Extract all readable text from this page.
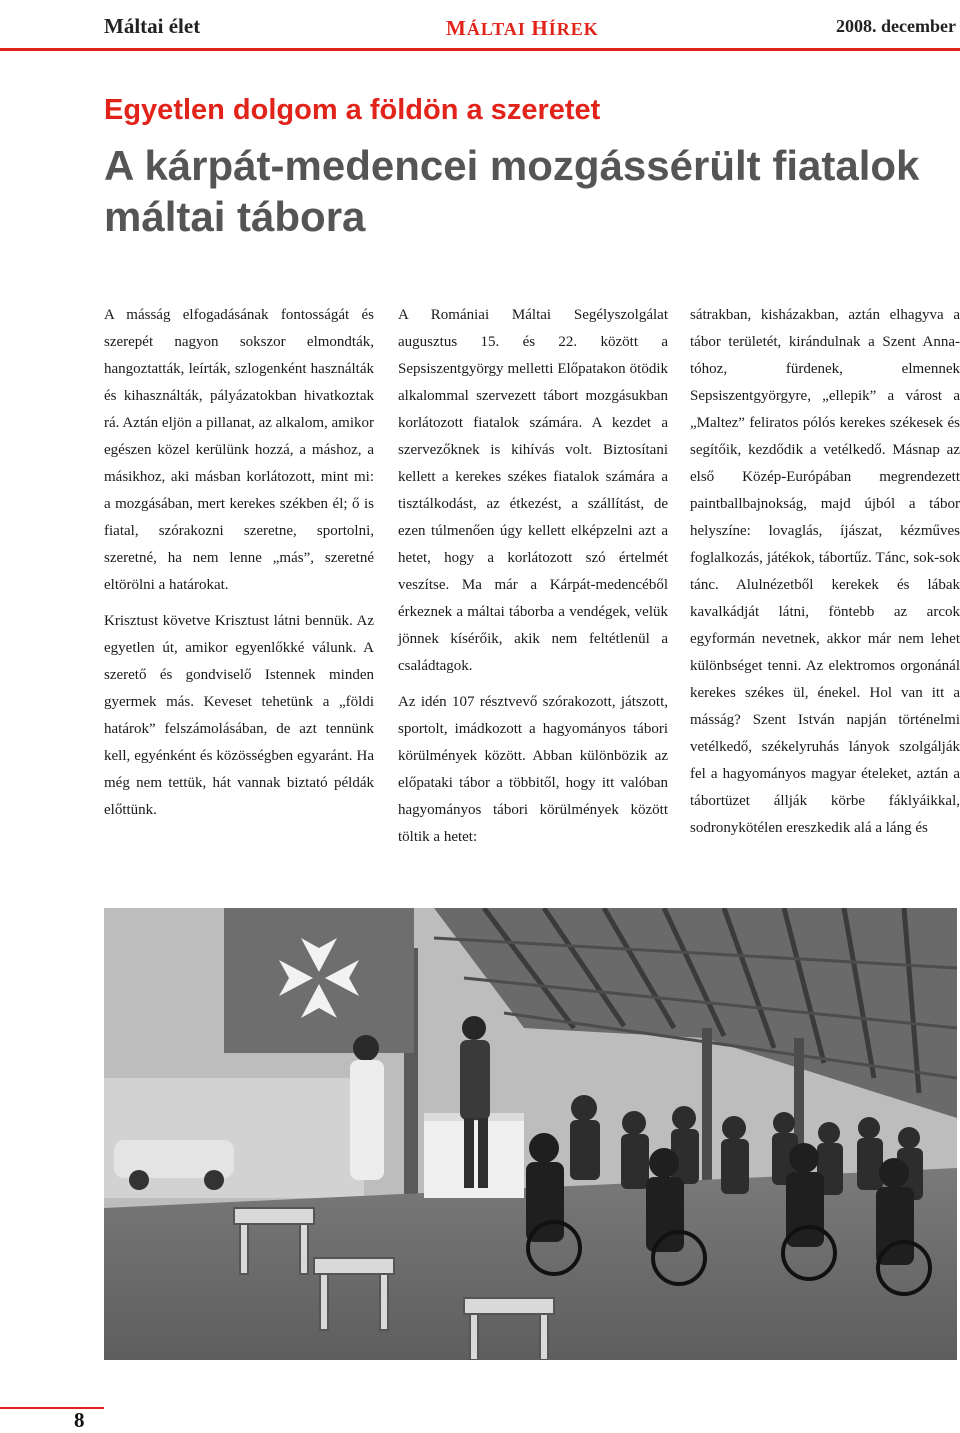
Máltai élet	MÁLTAI HÍREK	2008. december
Egyetlen dolgom a földön a szeretet
A kárpát-medencei mozgássérült fiatalok máltai tábora

A másság elfogadásának fontosságát és szerepét nagyon sokszor elmondták, hangoztatták, leírták, szlogenként használták és kihasználták, pályázatokban hivatkoztak rá. Aztán eljön a pillanat, az alkalom, amikor egészen közel kerülünk hozzá, a máshoz, a másikhoz, aki másban korlátozott, mint mi: a mozgásában, mert kerekes székben él; ő is fiatal, szórakozni szeretne, sportolni, szeretné, ha nem lenne „más”, szeretné eltörölni a határokat.

Krisztust követve Krisztust látni bennük. Az egyetlen út, amikor egyenlőkké válunk. A szerető és gondviselő Istennek minden gyermek más. Keveset tehetünk a „földi határok” felszámolásában, de azt tennünk kell, egyénként és közösségben egyaránt. Ha még nem tettük, hát vannak biztató példák előttünk.

A Romániai Máltai Segélyszolgálat augusztus 15. és 22. között a Sepsiszentgyörgy melletti Előpatakon ötödik alkalommal szervezett tábort mozgásukban korlátozott fiatalok számára. A kezdet a szervezőknek is kihívás volt. Biztosítani kellett a kerekes székes fiatalok számára a tisztálkodást, az étkezést, a szállítást, de ezen túlmenően úgy kellett elképzelni azt a hetet, hogy a korlátozott szó értelmét veszítse. Ma már a Kárpát-medencéből érkeznek a máltai táborba a vendégek, velük jönnek kísérőik, akik nem feltétlenül a családtagok.

Az idén 107 résztvevő szórakozott, játszott, sportolt, imádkozott a hagyományos tábori körülmények között. Abban különbözik az előpataki tábor a többitől, hogy itt valóban hagyományos tábori körülmények között töltik a hetet:

sátrakban, kisházakban, aztán elhagyva a tábor területét, kirándulnak a Szent Anna-tóhoz, fürdenek, elmennek Sepsiszentgyörgyre, „ellepik” a várost a „Maltez” feliratos pólós kerekes székesek és segítőik, kezdődik a vetélkedő. Másnap az első Közép-Európában megrendezett paintballbajnokság, majd újból a tábor helyszíne: lovaglás, íjászat, kézműves foglalkozás, játékok, tábortűz. Tánc, sok-sok tánc. Alulnézetből kerekek és lábak kavalkádját látni, föntebb az arcok egyformán nevetnek, akkor már nem lehet különbséget tenni. Az elektromos orgonánál kerekes székes ül, énekel. Hol van itt a másság? Szent István napján történelmi vetélkedő, székelyruhás lányok szolgálják fel a hagyományos magyar ételeket, aztán a tábortüzet állják körbe fáklyáikkal, sodronykötélen ereszkedik alá a láng és

8
